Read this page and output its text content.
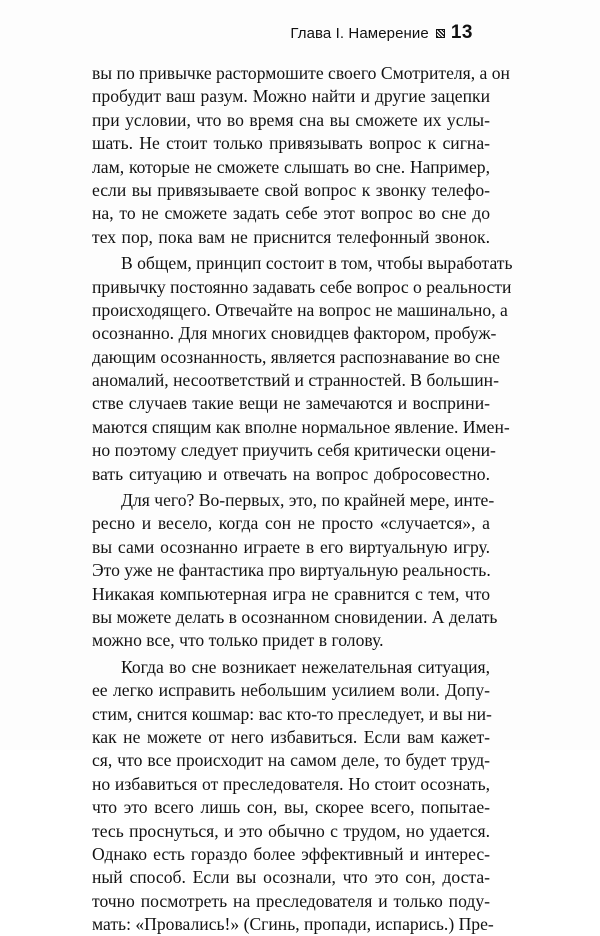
Глава I. Намерение 13
вы по привычке растормошите своего Смотрителя, а он
пробудит ваш разум. Можно найти и другие зацепки
при условии, что во время сна вы сможете их услы-
шать. Не стоит только привязывать вопрос к сигна-
лам, которые не сможете слышать во сне. Например,
если вы привязываете свой вопрос к звонку телефо-
на, то не сможете задать себе этот вопрос во сне до
тех пор, пока вам не приснится телефонный звонок.
В общем, принцип состоит в том, чтобы выработать
привычку постоянно задавать себе вопрос о реальности
происходящего. Отвечайте на вопрос не машинально, а
осознанно. Для многих сновидцев фактором, пробуж-
дающим осознанность, является распознавание во сне
аномалий, несоответствий и странностей. В большин-
стве случаев такие вещи не замечаются и восприни-
маются спящим как вполне нормальное явление. Имен-
но поэтому следует приучить себя критически оцени-
вать ситуацию и отвечать на вопрос добросовестно.
Для чего? Во-первых, это, по крайней мере, инте-
ресно и весело, когда сон не просто «случается», а
вы сами осознанно играете в его виртуальную игру.
Это уже не фантастика про виртуальную реальность.
Никакая компьютерная игра не сравнится с тем, что
вы можете делать в осознанном сновидении. А делать
можно все, что только придет в голову.
Когда во сне возникает нежелательная ситуация,
ее легко исправить небольшим усилием воли. Допу-
стим, снится кошмар: вас кто-то преследует, и вы ни-
как не можете от него избавиться. Если вам кажет-
ся, что все происходит на самом деле, то будет труд-
но избавиться от преследователя. Но стоит осознать,
что это всего лишь сон, вы, скорее всего, попытае-
тесь проснуться, и это обычно с трудом, но удается.
Однако есть гораздо более эффективный и интерес-
ный способ. Если вы осознали, что это сон, доста-
точно посмотреть на преследователя и только поду-
мать: «Провались!» (Сгинь, пропади, испарись.) Пре-
